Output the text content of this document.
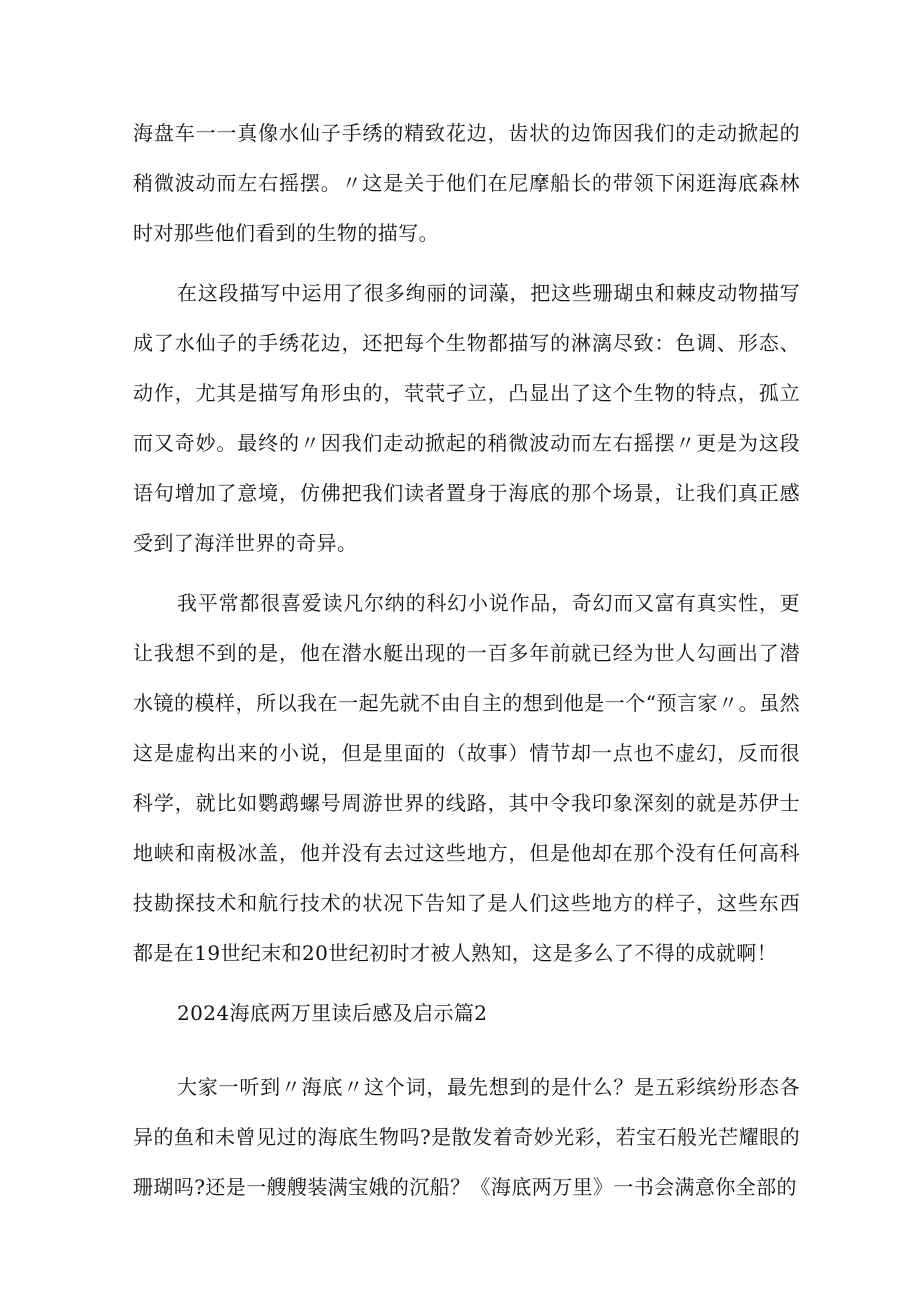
海盘车一一真像水仙子手绣的精致花边，齿状的边饰因我们的走动掀起的稍微波动而左右摇摆。〃这是关于他们在尼摩船长的带领下闲逛海底森林时对那些他们看到的生物的描写。

在这段描写中运用了很多绚丽的词藻，把这些珊瑚虫和棘皮动物描写成了水仙子的手绣花边，还把每个生物都描写的淋漓尽致：色调、形态、动作，尤其是描写角形虫的，茕茕孑立，凸显出了这个生物的特点，孤立而又奇妙。最终的〃因我们走动掀起的稍微波动而左右摇摆〃更是为这段语句增加了意境，仿佛把我们读者置身于海底的那个场景，让我们真正感受到了海洋世界的奇异。

我平常都很喜爱读凡尔纳的科幻小说作品，奇幻而又富有真实性，更让我想不到的是，他在潜水艇出现的一百多年前就已经为世人勾画出了潜水镜的模样，所以我在一起先就不由自主的想到他是一个“预言家〃。虽然这是虚构出来的小说，但是里面的（故事）情节却一点也不虚幻，反而很科学，就比如鹦鹉螺号周游世界的线路，其中令我印象深刻的就是苏伊士地峡和南极冰盖，他并没有去过这些地方，但是他却在那个没有任何高科技勘探技术和航行技术的状况下告知了是人们这些地方的样子，这些东西都是在19世纪末和20世纪初时才被人熟知，这是多么了不得的成就啊！

2024海底两万里读后感及启示篇2

大家一听到〃海底〃这个词，最先想到的是什么？是五彩缤纷形态各异的鱼和未曾见过的海底生物吗?是散发着奇妙光彩，若宝石般光芒耀眼的珊瑚吗?还是一艘艘装满宝娥的沉船？《海底两万里》一书会满意你全部的
